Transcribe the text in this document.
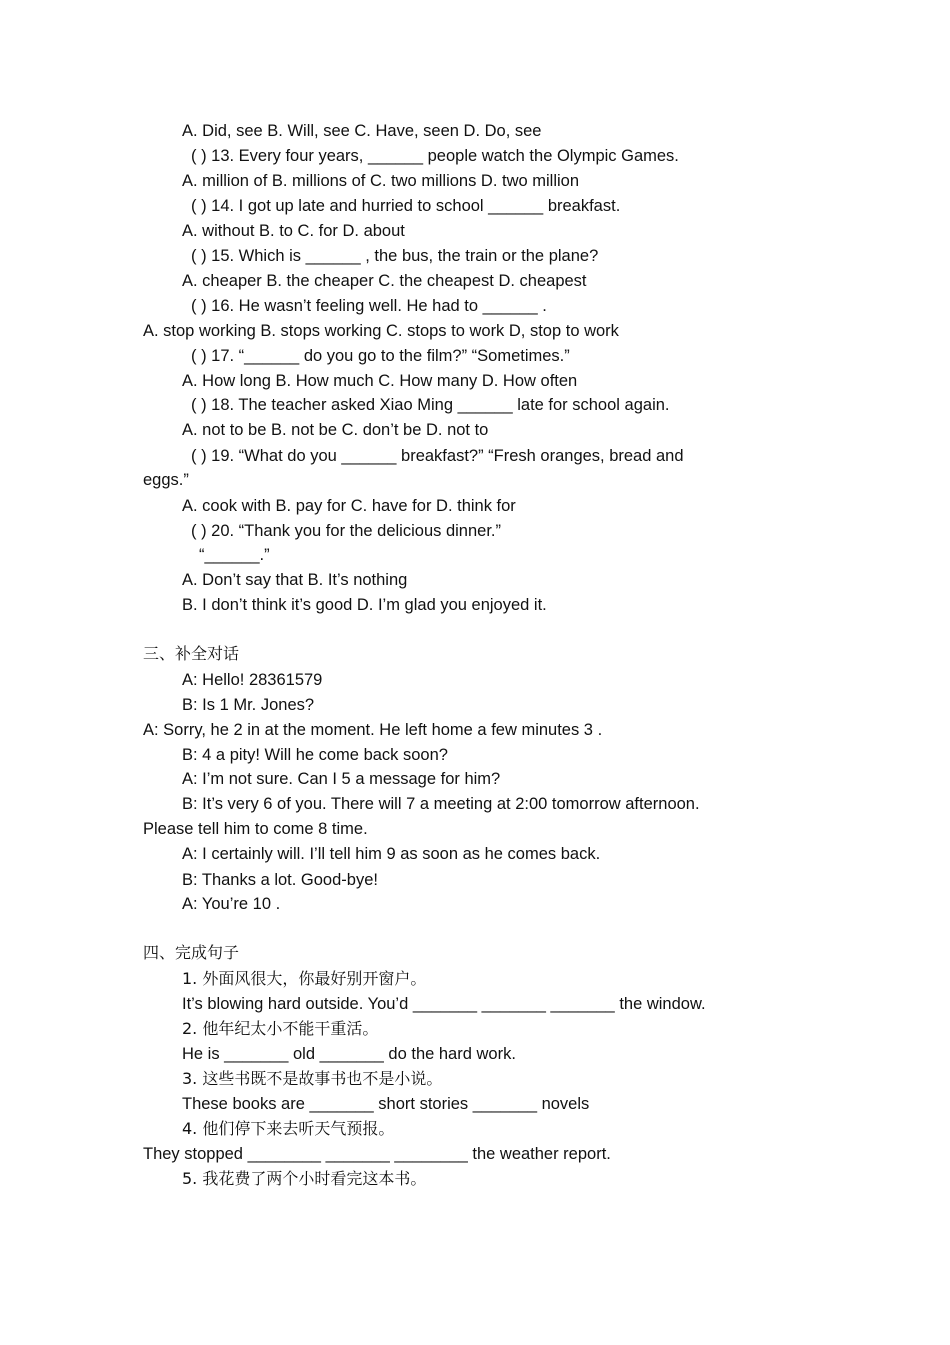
A. Did, see B. Will, see C. Have, seen D. Do, see
( ) 13. Every four years, ______ people watch the Olympic Games.
A. million of B. millions of C. two millions D. two million
( ) 14. I got up late and hurried to school ______ breakfast.
A. without B. to C. for D. about
( ) 15. Which is ______ , the bus, the train or the plane?
A. cheaper B. the cheaper C. the cheapest D. cheapest
( ) 16. He wasn’t feeling well. He had to ______ .
A. stop working B. stops working C. stops to work D, stop to work
( ) 17. “______ do you go to the film?” “Sometimes.”
A. How long B. How much C. How many D. How often
( ) 18. The teacher asked Xiao Ming ______ late for school again.
A. not to be B. not be C. don’t be D. not to
( ) 19. “What do you ______ breakfast?” “Fresh oranges, bread and
eggs.”
A. cook with B. pay for C. have for D. think for
( ) 20. “Thank you for the delicious dinner.”
“______.”
A. Don’t say that B. It’s nothing
B. I don’t think it’s good D. I’m glad you enjoyed it.
三、补全对话
A: Hello! 28361579
B: Is 1 Mr. Jones?
A: Sorry, he 2 in at the moment. He left home a few minutes 3 .
B: 4 a pity! Will he come back soon?
A: I’m not sure. Can I 5 a message for him?
B: It’s very 6 of you. There will 7 a meeting at 2:00 tomorrow afternoon.
Please tell him to come 8 time.
A: I certainly will. I’ll tell him 9 as soon as he comes back.
B: Thanks a lot. Good-bye!
A: You’re 10 .
四、完成句子
1. 外面风很大，你最好别开窗户。
It’s blowing hard outside. You’d _______ _______ _______ the window.
2. 他年纪太小不能干重活。
He is _______ old _______ do the hard work.
3. 这些书既不是故事书也不是小说。
These books are _______ short stories _______ novels
4. 他们停下来去听天气预报。
They stopped ________ _______ ________ the weather report.
5. 我花费了两个小时看完这本书。
